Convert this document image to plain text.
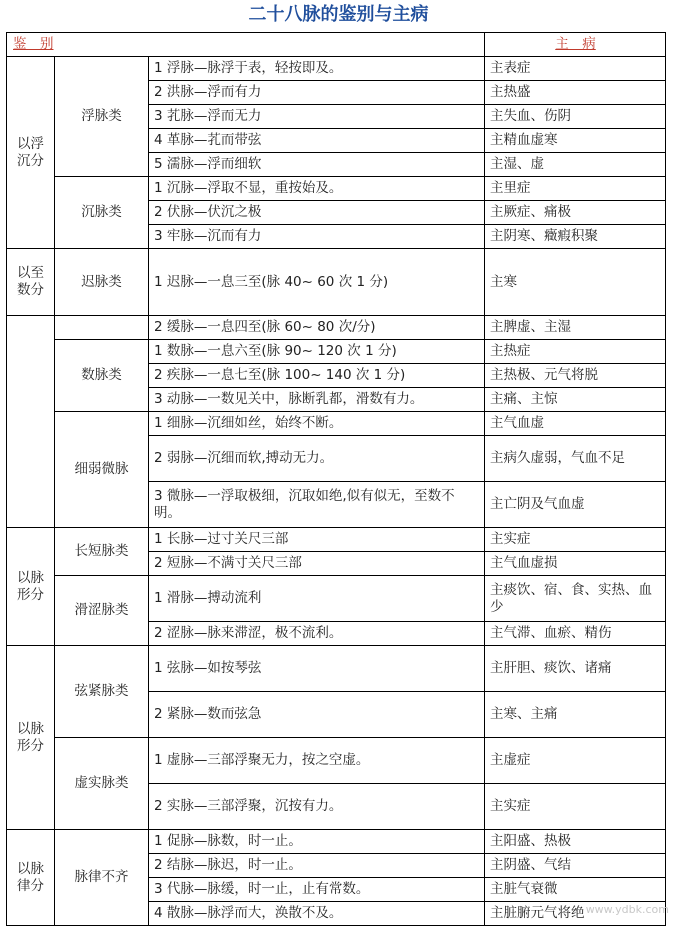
二十八脉的鉴别与主病
鉴　别			主　病
以浮沉分	浮脉类	1 浮脉—脉浮于表，轻按即及。	主表症
		2 洪脉—浮而有力	主热盛
		3 芤脉—浮而无力	主失血、伤阴
		4 革脉—芤而带弦	主精血虚寒
		5 濡脉—浮而细软	主湿、虚
	沉脉类	1 沉脉—浮取不显，重按始及。	主里症
		2 伏脉—伏沉之极	主厥症、痛极
		3 牢脉—沉而有力	主阴寒、癥瘕积聚
以至数分	迟脉类	1 迟脉—一息三至(脉 40~ 60 次 1 分)	主寒
		2 缓脉—一息四至(脉 60~ 80 次/分)	主脾虚、主湿
	数脉类	1 数脉—一息六至(脉 90~ 120 次 1 分)	主热症
		2 疾脉—一息七至(脉 100~ 140 次 1 分)	主热极、元气将脱
		3 动脉—一数见关中，脉断乳都，滑数有力。	主痛、主惊
	细弱微脉	1 细脉—沉细如丝，始终不断。	主气血虚
		2 弱脉—沉细而软,搏动无力。	主病久虚弱，气血不足
		3 微脉—一浮取极细，沉取如绝,似有似无，至数不明。	主亡阴及气血虚
以脉形分	长短脉类	1 长脉—过寸关尺三部	主实症
		2 短脉—不满寸关尺三部	主气血虚损
	滑涩脉类	1 滑脉—搏动流利	主痰饮、宿、食、实热、血少
		2 涩脉—脉来滞涩，极不流利。	主气滞、血瘀、精伤
以脉形分	弦紧脉类	1 弦脉—如按琴弦	主肝胆、痰饮、诸痛
		2 紧脉—数而弦急	主寒、主痛
	虚实脉类	1 虚脉—三部浮聚无力，按之空虚。	主虚症
		2 实脉—三部浮聚，沉按有力。	主实症
以脉律分	脉律不齐	1 促脉—脉数，时一止。	主阳盛、热极
		2 结脉—脉迟，时一止。	主阴盛、气结
		3 代脉—脉缓，时一止，止有常数。	主脏气衰微
		4 散脉—脉浮而大，涣散不及。	主脏腑元气将绝 www.ydbk.com
